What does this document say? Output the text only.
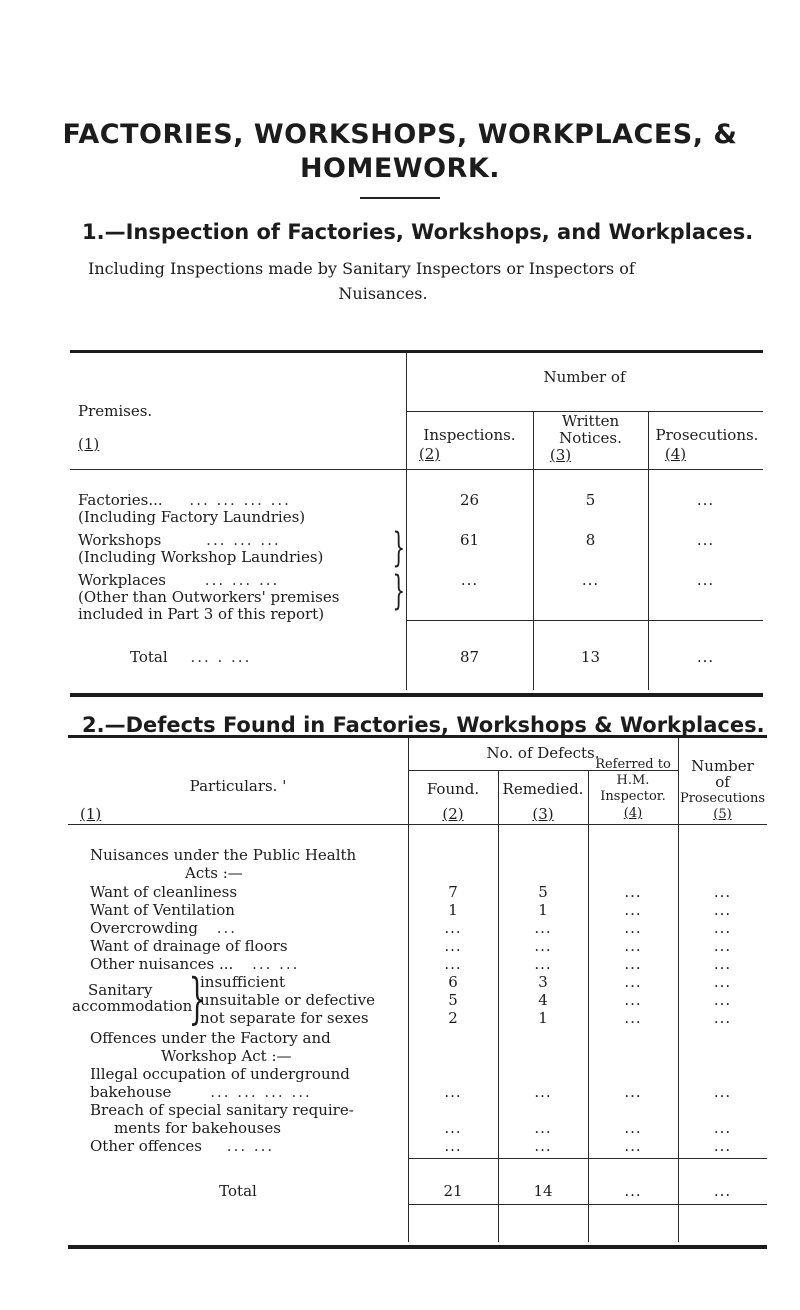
FACTORIES, WORKSHOPS, WORKPLACES, &
HOMEWORK.
1.—Inspection of Factories, Workshops, and Workplaces.
Including Inspections made by Sanitary Inspectors or Inspectors of
Nuisances.
Premises.
(1)
Number of
Inspections.
(2)
Written
Notices.
(3)
Prosecutions.
(4)
Factories... ... ... ... ...
(Including Factory Laundries)
26	5	...
Workshops	... ... ...
(Including Workshop Laundries)
61	8	...
Workplaces	... ... ...
(Other than Outworkers' premises
included in Part 3 of this report)
...	...	...
}
}
Total ... . ...	87	13	...
2.—Defects Found in Factories, Workshops & Workplaces.
Particulars. '
(1)
No. of Defects.
Found.
(2)
Remedied.
(3)
Referred to
H.M.
Inspector.
(4)
Number
of
Prosecutions
(5)
Nuisances under the Public Health
Acts :—
Want of cleanliness	7	5	...	...
Want of Ventilation	1	1	...	...
Overcrowding ...	...	...	...	...
Want of drainage of floors	...	...	...	...
Other nuisances ... ... ...	...	...	...	...
Sanitary
accommodation
}
insufficient	6	3	...	...
unsuitable or defective	5	4	...	...
not separate for sexes	2	1	...	...
Offences under the Factory and
Workshop Act :—
Illegal occupation of underground
bakehouse	... ... ... ...	...	...	...	...
Breach of special sanitary require-
ments for bakehouses	...	...	...	...
Other offences ... ...	...	...	...	...
Total	21	14	...	...
